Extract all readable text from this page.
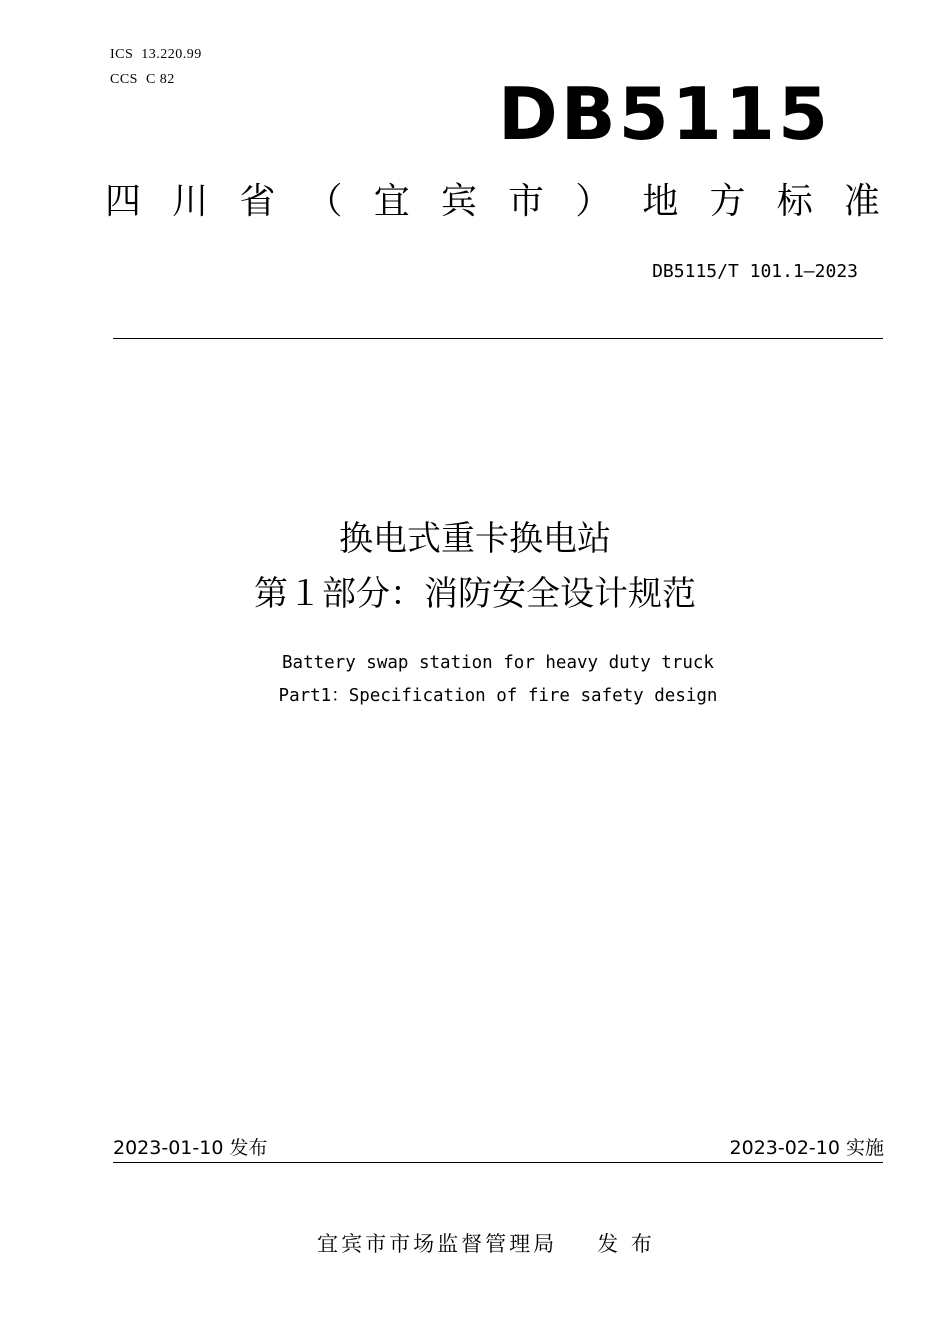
ICS  13.220.99
CCS  C 82	DB5115
四 川 省 （ 宜 宾 市 ） 地 方 标 准
DB5115/T 101.1—2023
换电式重卡换电站
第１部分：消防安全设计规范
Battery swap station for heavy duty truck
Part1：Specification of fire safety design
2023-01-10 发布	2023-02-10 实施
宜宾市市场监督管理局 发 布
